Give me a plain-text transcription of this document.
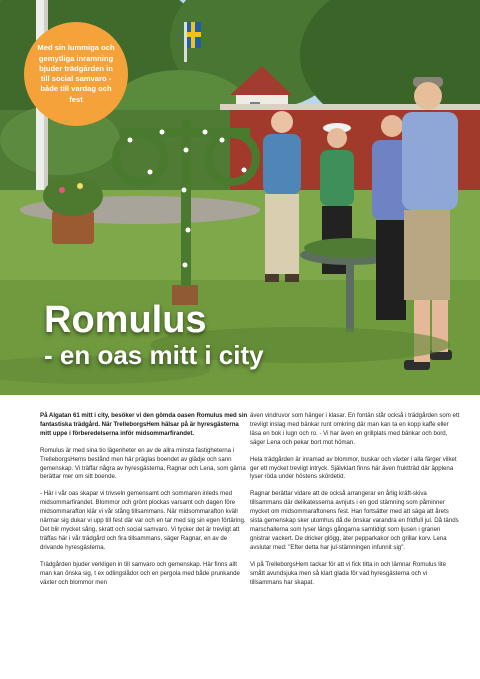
Med sin lummiga och gemytliga inramning bjuder trädgården in till social samvaro - både till vardag och fest
Romulus
- en oas mitt i city

På Algatan 61 mitt i city, besöker vi den gömda oasen Romulus med sin fantastiska trädgård. När TrelleborgsHem hälsar på är hyresgästerna mitt uppe i förberedelserna inför midsommarfirandet.

Romulus är med sina tio lägenheter en av de allra minsta fastigheterna i TrelleborgsHems bestånd men här präglas boendet av glädje och sann gemenskap. Vi träffar några av hyresgästerna, Ragnar och Lena, som gärna berättar mer om sitt boende.

- Här i vår oas skapar vi trivseln gemensamt och sommaren inleds med midsommarfirandet. Blommor och grönt plockas varsamt och dagen före midsommarafton klär vi vår stång tillsammans. När midsommarafton kväll närmar sig dukar vi upp till fest där var och en tar med sig sin egen förtäring. Det blir mycket sång, skratt och social samvaro. Vi tycker det är trevligt att träffas här i vår trädgård och fira tillsammans, säger Ragnar, en av de drivande hyresgästerna.

Trädgården bjuder verkligen in till samvaro och gemenskap. Här finns allt man kan önska sig, t ex odlingslådor och en pergola med både prunkande växter och blommor men

även vindruvor som hänger i klasar. En fontän står också i trädgården som ett trevligt inslag med bänkar runt omkring där man kan ta en kopp kaffe eller läsa en bok i lugn och ro. - Vi har även en grillplats med bänkar och bord, säger Lena och pekar bort mot höman.

Hela trädgården är inramad av blommor, buskar och växter i alla färger vilket ger ett mycket trevligt intryck. Självklart finns här även fruktträd där äpplena lyser röda under höstens skördetid.

Ragnar berättar vidare att de också arrangerar en årlig kräft-skiva tillsammans där delikatesserna avnjuts i en god stämning som påminner mycket om midsommaraftonens fest. Han fortsätter med att säga att årets sista gemenskap sker utomhus då de önskar varandra en fridfull jul. Då tänds marschallerna som lyser längs gångarna samtidigt som ljusen i granen gnistrar vackert. De dricker glögg, äter pepparkakor och grillar korv. Lena avslutar med: "Efter detta har jul-stämningen infunnit sig".

Vi på TrelleborgsHem tackar för att vi fick titta in och lämnar Romulus lite smått avundsjuka men så klart glada för vad hyresgästerna och vi tillsammans har skapat.
